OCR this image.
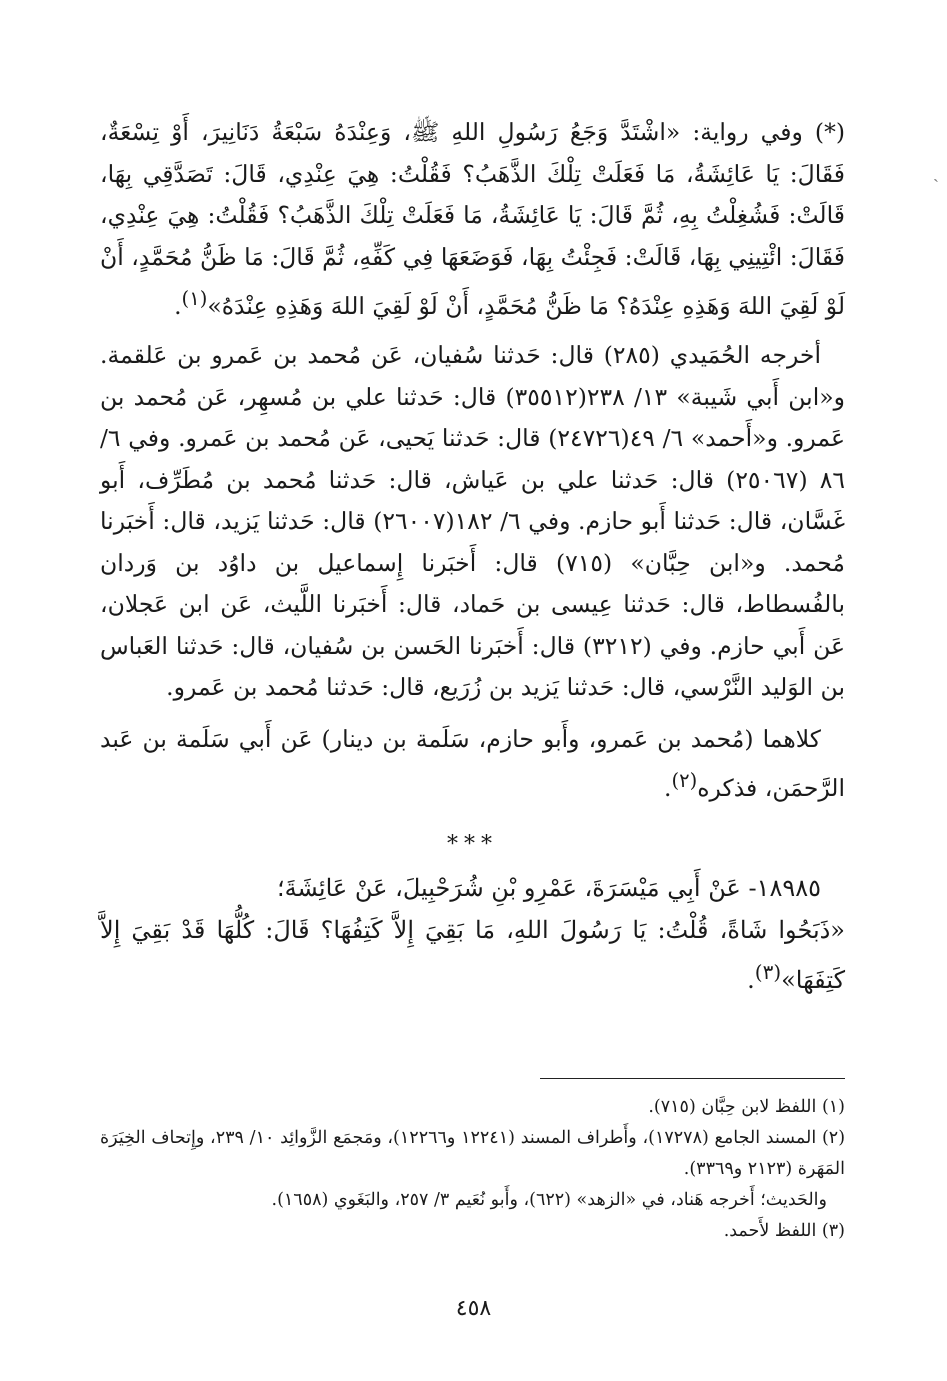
(*) وفي رواية: «اشْتَدَّ وَجَعُ رَسُولِ اللهِ ﷺ، وَعِنْدَهُ سَبْعَةُ دَنَانِيرَ، أَوْ تِسْعَةٌ، فَقَالَ: يَا عَائِشَةُ، مَا فَعَلَتْ تِلْكَ الذَّهَبُ؟ فَقُلْتُ: هِيَ عِنْدِي، قَالَ: تَصَدَّقِي بِهَا، قَالَتْ: فَشُغِلْتُ بِهِ، ثُمَّ قَالَ: يَا عَائِشَةُ، مَا فَعَلَتْ تِلْكَ الذَّهَبُ؟ فَقُلْتُ: هِيَ عِنْدِي، فَقَالَ: ائْتِينِي بِهَا، قَالَتْ: فَجِئْتُ بِهَا، فَوَضَعَهَا فِي كَفِّهِ، ثُمَّ قَالَ: مَا ظَنُّ مُحَمَّدٍ، أَنْ لَوْ لَقِيَ اللهَ وَهَذِهِ عِنْدَهُ؟ مَا ظَنُّ مُحَمَّدٍ، أَنْ لَوْ لَقِيَ اللهَ وَهَذِهِ عِنْدَهُ»$^{(١)}$.

أخرجه الحُمَيدي (٢٨٥) قال: حَدثنا سُفيان، عَن مُحمد بن عَمرو بن عَلقمة. و«ابن أَبي شَيبة» ١٣/ ٢٣٨(٣٥٥١٢) قال: حَدثنا علي بن مُسهِر، عَن مُحمد بن عَمرو. و«أَحمد» ٦/ ٤٩(٢٤٧٢٦) قال: حَدثنا يَحيى، عَن مُحمد بن عَمرو. وفي ٦/ ٨٦ (٢٥٠٦٧) قال: حَدثنا علي بن عَياش، قال: حَدثنا مُحمد بن مُطَرِّف، أَبو غَسَّان، قال: حَدثنا أَبو حازم. وفي ٦/ ١٨٢(٢٦٠٠٧) قال: حَدثنا يَزيد، قال: أَخبَرنا مُحمد. و«ابن حِبَّان» (٧١٥) قال: أَخبَرنا إِسماعيل بن داوُد بن وَردان بالفُسطاط، قال: حَدثنا عِيسى بن حَماد، قال: أَخبَرنا اللَّيث، عَن ابن عَجلان، عَن أَبي حازم. وفي (٣٢١٢) قال: أَخبَرنا الحَسن بن سُفيان، قال: حَدثنا العَباس بن الوَليد النَّرْسي، قال: حَدثنا يَزيد بن زُرَيع، قال: حَدثنا مُحمد بن عَمرو.

كلاهما (مُحمد بن عَمرو، وأَبو حازم، سَلَمة بن دينار) عَن أَبي سَلَمة بن عَبد الرَّحمَن، فذكره$^{(٢)}$.

***

١٨٩٨٥- عَنْ أَبِي مَيْسَرَةَ، عَمْرِو بْنِ شُرَحْبِيلَ، عَنْ عَائِشَةَ؛

«ذَبَحُوا شَاةً، قُلْتُ: يَا رَسُولَ اللهِ، مَا بَقِيَ إِلاَّ كَتِفُهَا؟ قَالَ: كُلُّهَا قَدْ بَقِيَ إِلاَّ كَتِفَهَا»$^{(٣)}$.

(١) اللفظ لابن حِبَّان (٧١٥).

(٢) المسند الجامع (١٧٢٧٨)، وأَطراف المسند (١٢٢٤١ و١٢٢٦٦)، ومَجمَع الزَّوائِد ١٠/ ٢٣٩، وإِتحاف الخِيَرَة المَهَرة (٢١٢٣ و٣٣٦٩).

والحَديث؛ أَخرجه هَناد، في «الزهد» (٦٢٢)، وأَبو نُعَيم ٣/ ٢٥٧، والبَغَوي (١٦٥٨).

(٣) اللفظ لأَحمد.

٤٥٨
ˏ
